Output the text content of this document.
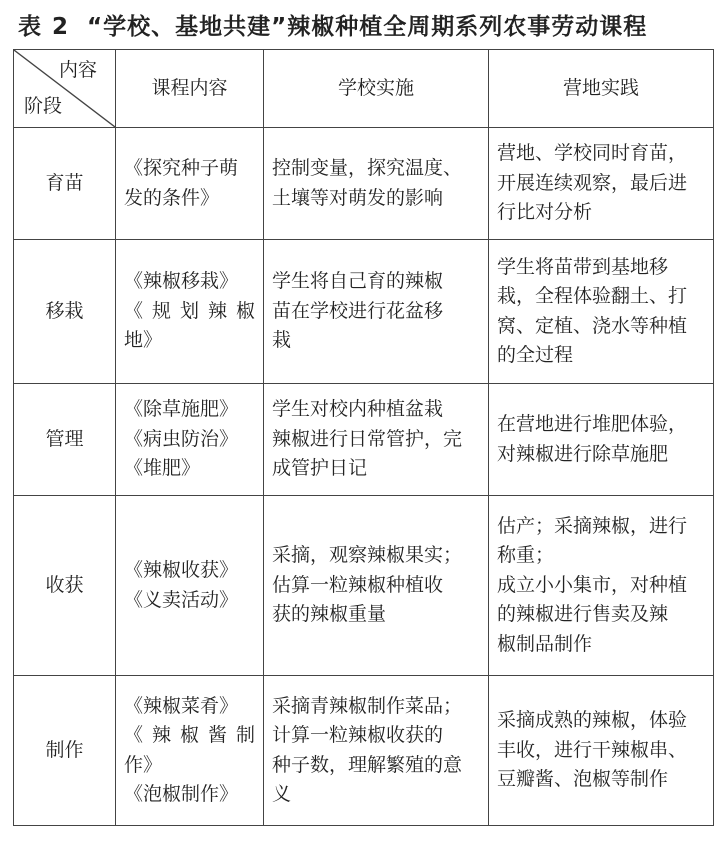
表 2 “学校、基地共建”辣椒种植全周期系列农事劳动课程
内容
阶段	课程内容	学校实施	营地实践
育苗	《探究种子萌
发的条件》	控制变量，探究温度、
土壤等对萌发的影响	营地、学校同时育苗，
开展连续观察，最后进
行比对分析

移栽	《辣椒移栽》
《 规 划 辣 椒
地》	学生将自己育的辣椒
苗在学校进行花盆移
栽	学生将苗带到基地移
栽，全程体验翻土、打
窝、定植、浇水等种植
的全过程

管理	《除草施肥》
《病虫防治》
《堆肥》	学生对校内种植盆栽
辣椒进行日常管护，完
成管护日记	在营地进行堆肥体验，
对辣椒进行除草施肥

收获	《辣椒收获》
《义卖活动》	采摘，观察辣椒果实；
估算一粒辣椒种植收
获的辣椒重量	估产；采摘辣椒，进行
称重；
成立小小集市，对种植
的辣椒进行售卖及辣
椒制品制作

制作	《辣椒菜肴》
《 辣 椒 酱 制
作》
《泡椒制作》	采摘青辣椒制作菜品；
计算一粒辣椒收获的
种子数，理解繁殖的意
义	采摘成熟的辣椒，体验
丰收，进行干辣椒串、
豆瓣酱、泡椒等制作
